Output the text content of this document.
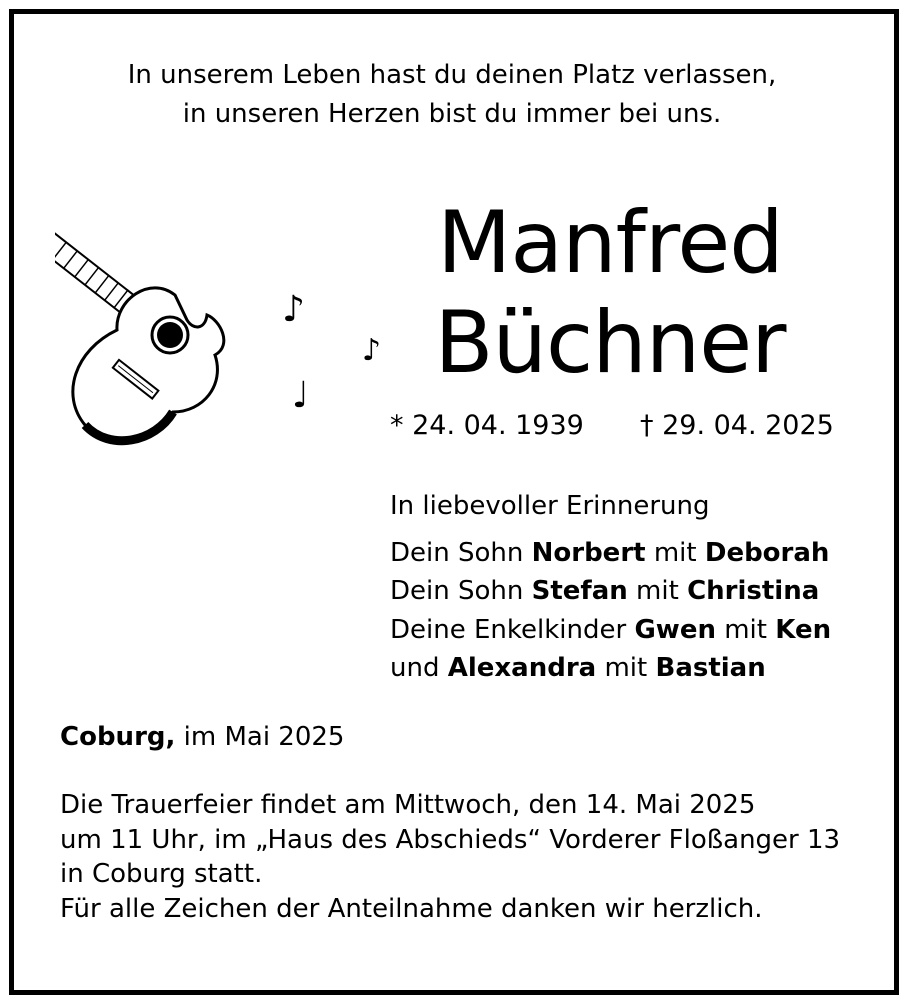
In unserem Leben hast du deinen Platz verlassen,
in unseren Herzen bist du immer bei uns.
♪
♪
♩
Manfred
Büchner
* 24. 04. 1939 † 29. 04. 2025
In liebevoller Erinnerung
Dein Sohn Norbert mit Deborah
Dein Sohn Stefan mit Christina
Deine Enkelkinder Gwen mit Ken
und Alexandra mit Bastian
Coburg, im Mai 2025
Die Trauerfeier findet am Mittwoch, den 14. Mai 2025
um 11 Uhr, im „Haus des Abschieds“ Vorderer Floßanger 13
in Coburg statt.
Für alle Zeichen der Anteilnahme danken wir herzlich.
